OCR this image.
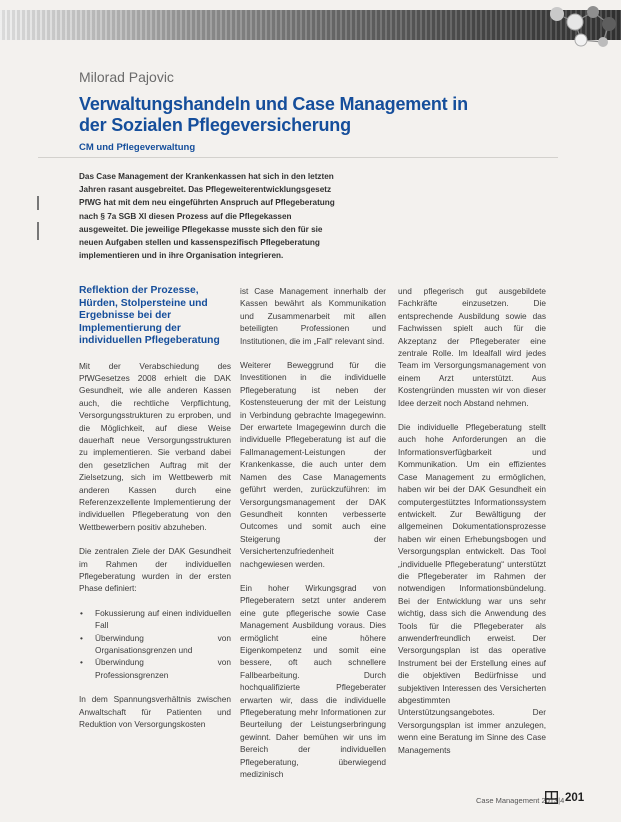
Milorad Pajovic
Verwaltungshandeln und Case Management in der Sozialen Pflegeversicherung
CM und Pflegeverwaltung

Das Case Management der Krankenkassen hat sich in den letzten Jahren rasant ausgebreitet. Das Pflegeweiterentwicklungsgesetz PfWG hat mit dem neu eingeführten Anspruch auf Pflegeberatung nach § 7a SGB XI diesen Prozess auf die Pflegekassen ausgeweitet. Die jeweilige Pflegekasse musste sich den für sie neuen Aufgaben stellen und kassenspezifisch Pflegeberatung implementieren und in ihre Organisation integrieren.

Reflektion der Prozesse, Hürden, Stolpersteine und Ergebnisse bei der Implementierung der individuellen Pflegeberatung

Mit der Verabschiedung des PfWGesetzes 2008 erhielt die DAK Gesundheit, wie alle anderen Kassen auch, die rechtliche Verpflichtung, Versorgungsstrukturen zu erproben, und die Möglichkeit, auf diese Weise dauerhaft neue Versorgungsstrukturen zu implementieren. Sie verband dabei den gesetzlichen Auftrag mit der Zielsetzung, sich im Wettbewerb mit anderen Kassen durch eine Referenzexzellente Implementierung der individuellen Pflegeberatung von den Wettbewerbern positiv abzuheben.

Die zentralen Ziele der DAK Gesundheit im Rahmen der individuellen Pflegeberatung wurden in der ersten Phase definiert:

• Fokussierung auf einen individuellen Fall
• Überwindung von Organisationsgrenzen und
• Überwindung von Professionsgrenzen

In dem Spannungsverhältnis zwischen Anwaltschaft für Patienten und Reduktion von Versorgungskosten

ist Case Management innerhalb der Kassen bewährt als Kommunikation und Zusammenarbeit mit allen beteiligten Professionen und Institutionen, die im „Fall“ relevant sind.

Weiterer Beweggrund für die Investitionen in die individuelle Pflegeberatung ist neben der Kostensteuerung der mit der Leistung in Verbindung gebrachte Imagegewinn. Der erwartete Imagegewinn durch die individuelle Pflegeberatung ist auf die Fallmanagement-Leistungen der Krankenkasse, die auch unter dem Namen des Case Managements geführt werden, zurückzuführen: im Versorgungsmanagement der DAK Gesundheit konnten verbesserte Outcomes und somit auch eine Steigerung der Versichertenzufriedenheit nachgewiesen werden.

Ein hoher Wirkungsgrad von Pflegeberatern setzt unter anderem eine gute pflegerische sowie Case Management Ausbildung voraus. Dies ermöglicht eine höhere Eigenkompetenz und somit eine bessere, oft auch schnellere Fallbearbeitung. Durch hochqualifizierte Pflegeberater erwarten wir, dass die individuelle Pflegeberatung mehr Informationen zur Beurteilung der Leistungserbringung gewinnt. Daher bemühen wir uns im Bereich der individuellen Pflegeberatung, überwiegend medizinisch

und pflegerisch gut ausgebildete Fachkräfte einzusetzen. Die entsprechende Ausbildung sowie das Fachwissen spielt auch für die Akzeptanz der Pflegeberater eine zentrale Rolle. Im Idealfall wird jedes Team im Versorgungsmanagement von einem Arzt unterstützt. Aus Kostengründen mussten wir von dieser Idee derzeit noch Abstand nehmen.

Die individuelle Pflegeberatung stellt auch hohe Anforderungen an die Informationsverfügbarkeit und Kommunikation. Um ein effizientes Case Management zu ermöglichen, haben wir bei der DAK Gesundheit ein computergestütztes Informationssystem entwickelt. Zur Bewältigung der allgemeinen Dokumentationsprozesse haben wir einen Erhebungsbogen und Versorgungsplan entwickelt. Das Tool „individuelle Pflegeberatung“ unterstützt die Pflegeberater im Rahmen der notwendigen Informationsbündelung. Bei der Entwicklung war uns sehr wichtig, dass sich die Anwendung des Tools für die Pflegeberater als anwenderfreundlich erweist. Der Versorgungsplan ist das operative Instrument bei der Erstellung eines auf die objektiven Bedürfnisse und subjektiven Interessen des Versicherten abgestimmten Unterstützungsangebotes. Der Versorgungsplan ist immer anzulegen, wenn eine Beratung im Sinne des Case Managements

Case Management 2013|4 201
